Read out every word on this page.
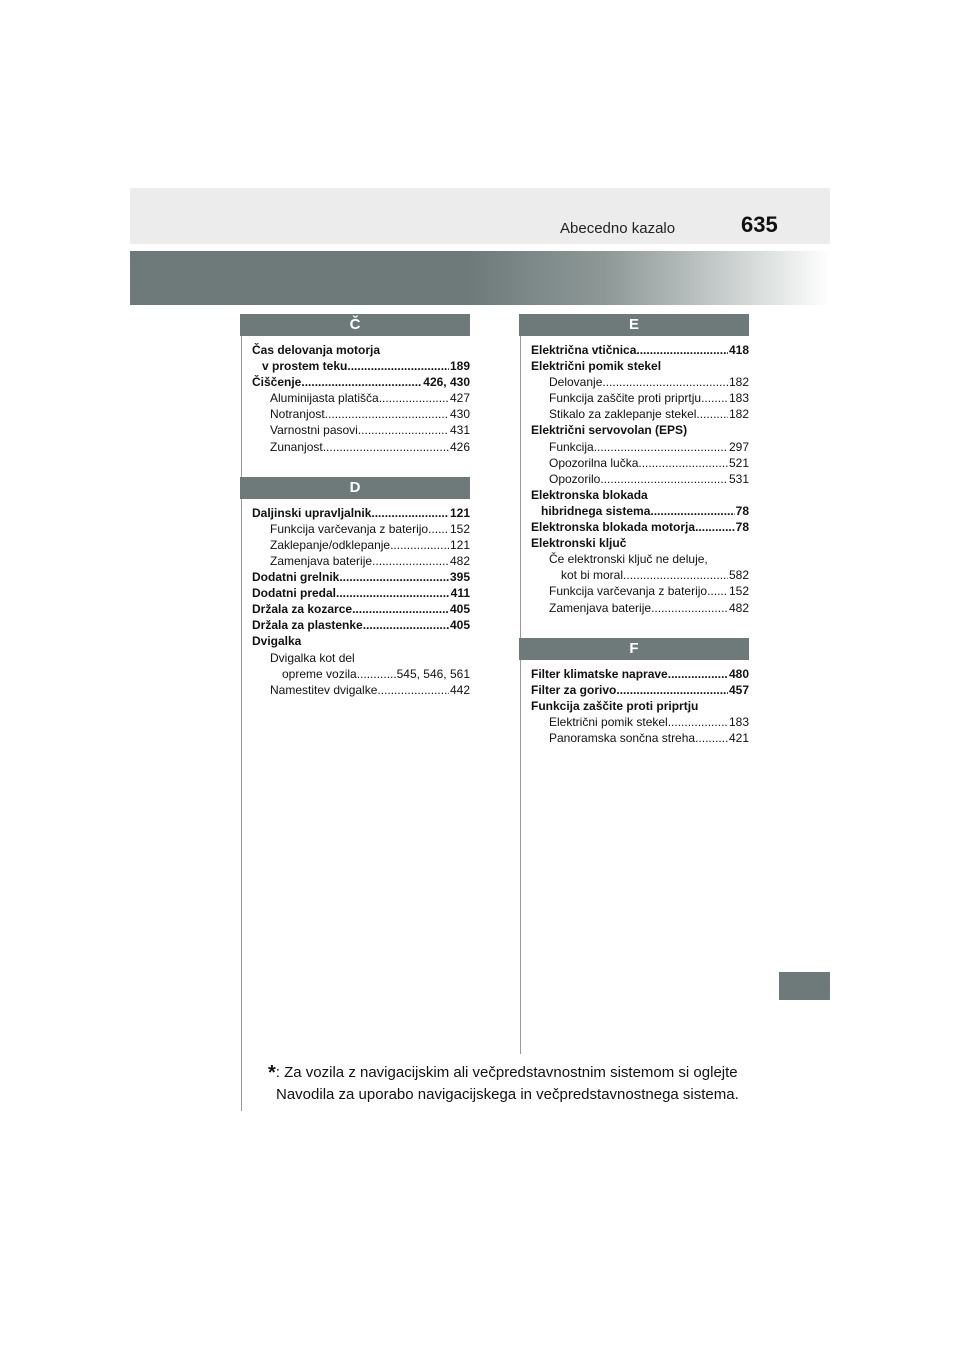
Abecedno kazalo	635
Č
Čas delovanja motorja
v prostem teku .....	189
Čiščenje .....	426, 430
Aluminijasta platišča .....	427
Notranjost .....	430
Varnostni pasovi .....	431
Zunanjost .....	426
D
Daljinski upravljalnik .....	121
Funkcija varčevanja z baterijo ..... 152
Zaklepanje/odklepanje .....	121
Zamenjava baterije .....	482
Dodatni grelnik .....	395
Dodatni predal .....	411
Držala za kozarce .....	405
Držala za plastenke .....	405
Dvigalka
Dvigalka kot del
opreme vozila .....	545, 546, 561
Namestitev dvigalke .....	442
E
Električna vtičnica .....	418
Električni pomik stekel
Delovanje .....	182
Funkcija zaščite proti priprtju ..... 183
Stikalo za zaklepanje stekel .....	182
Električni servovolan (EPS)
Funkcija .....	297
Opozorilna lučka .....	521
Opozorilo .....	531
Elektronska blokada
hibridnega sistema .....	78
Elektronska blokada motorja .....	78
Elektronski ključ
Če elektronski ključ ne deluje,
kot bi moral .....	582
Funkcija varčevanja z baterijo ..... 152
Zamenjava baterije .....	482
F
Filter klimatske naprave .....	480
Filter za gorivo .....	457
Funkcija zaščite proti priprtju
Električni pomik stekel .....	183
Panoramska sončna streha .....	421
*: Za vozila z navigacijskim ali večpredstavnostnim sistemom si oglejte
Navodila za uporabo navigacijskega in večpredstavnostnega sistema.
